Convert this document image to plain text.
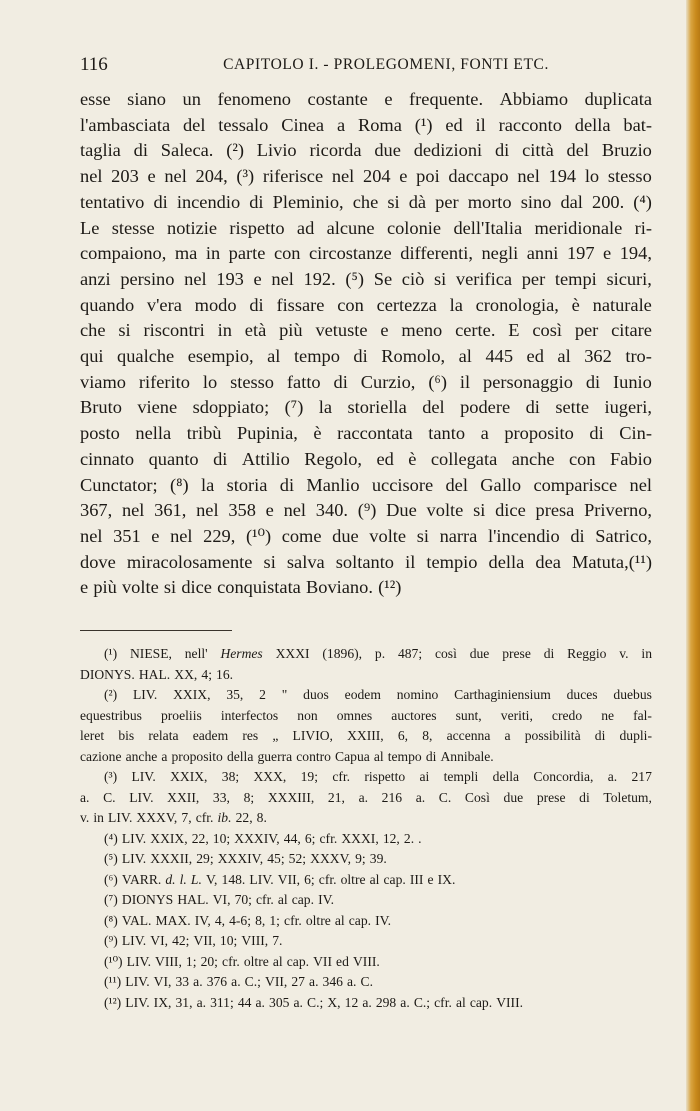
116	CAPITOLO I. - PROLEGOMENI, FONTI ETC.
esse siano un fenomeno costante e frequente. Abbiamo duplicata
l'ambasciata del tessalo Cinea a Roma (¹) ed il racconto della bat-
taglia di Saleca. (²) Livio ricorda due dedizioni di città del Bruzio
nel 203 e nel 204, (³) riferisce nel 204 e poi daccapo nel 194 lo stesso
tentativo di incendio di Pleminio, che si dà per morto sino dal 200. (⁴)
Le stesse notizie rispetto ad alcune colonie dell'Italia meridionale ri-
compaiono, ma in parte con circostanze differenti, negli anni 197 e 194,
anzi persino nel 193 e nel 192. (⁵) Se ciò si verifica per tempi sicuri,
quando v'era modo di fissare con certezza la cronologia, è naturale
che si riscontri in età più vetuste e meno certe. E così per citare
qui qualche esempio, al tempo di Romolo, al 445 ed al 362 tro-
viamo riferito lo stesso fatto di Curzio, (⁶) il personaggio di Iunio
Bruto viene sdoppiato; (⁷) la storiella del podere di sette iugeri,
posto nella tribù Pupinia, è raccontata tanto a proposito di Cin-
cinnato quanto di Attilio Regolo, ed è collegata anche con Fabio
Cunctator; (⁸) la storia di Manlio uccisore del Gallo comparisce nel
367, nel 361, nel 358 e nel 340. (⁹) Due volte si dice presa Priverno,
nel 351 e nel 229, (¹⁰) come due volte si narra l'incendio di Satrico,
dove miracolosamente si salva soltanto il tempio della dea Matuta,(¹¹)
e più volte si dice conquistata Boviano. (¹²)
(¹) NIESE, nell' Hermes XXXI (1896), p. 487; così due prese di Reggio v. in
DIONYS. HAL. XX, 4; 16.
(²) LIV. XXIX, 35, 2 " duos eodem nomino Carthaginiensium duces duebus
equestribus proeliis interfectos non omnes auctores sunt, veriti, credo ne fal-
leret bis relata eadem res „ LIVIO, XXIII, 6, 8, accenna a possibilità di dupli-
cazione anche a proposito della guerra contro Capua al tempo di Annibale.
(³) LIV. XXIX, 38; XXX, 19; cfr. rispetto ai templi della Concordia, a. 217
a. C. LIV. XXII, 33, 8; XXXIII, 21, a. 216 a. C. Così due prese di Toletum,
v. in LIV. XXXV, 7, cfr. ib. 22, 8.
(⁴) LIV. XXIX, 22, 10; XXXIV, 44, 6; cfr. XXXI, 12, 2. .
(⁵) LIV. XXXII, 29; XXXIV, 45; 52; XXXV, 9; 39.
(⁶) VARR. d. l. L. V, 148. LIV. VII, 6; cfr. oltre al cap. III e IX.
(⁷) DIONYS HAL. VI, 70; cfr. al cap. IV.
(⁸) VAL. MAX. IV, 4, 4-6; 8, 1; cfr. oltre al cap. IV.
(⁹) LIV. VI, 42; VII, 10; VIII, 7.
(¹⁰) LIV. VIII, 1; 20; cfr. oltre al cap. VII ed VIII.
(¹¹) LIV. VI, 33 a. 376 a. C.; VII, 27 a. 346 a. C.
(¹²) LIV. IX, 31, a. 311; 44 a. 305 a. C.; X, 12 a. 298 a. C.; cfr. al cap. VIII.
